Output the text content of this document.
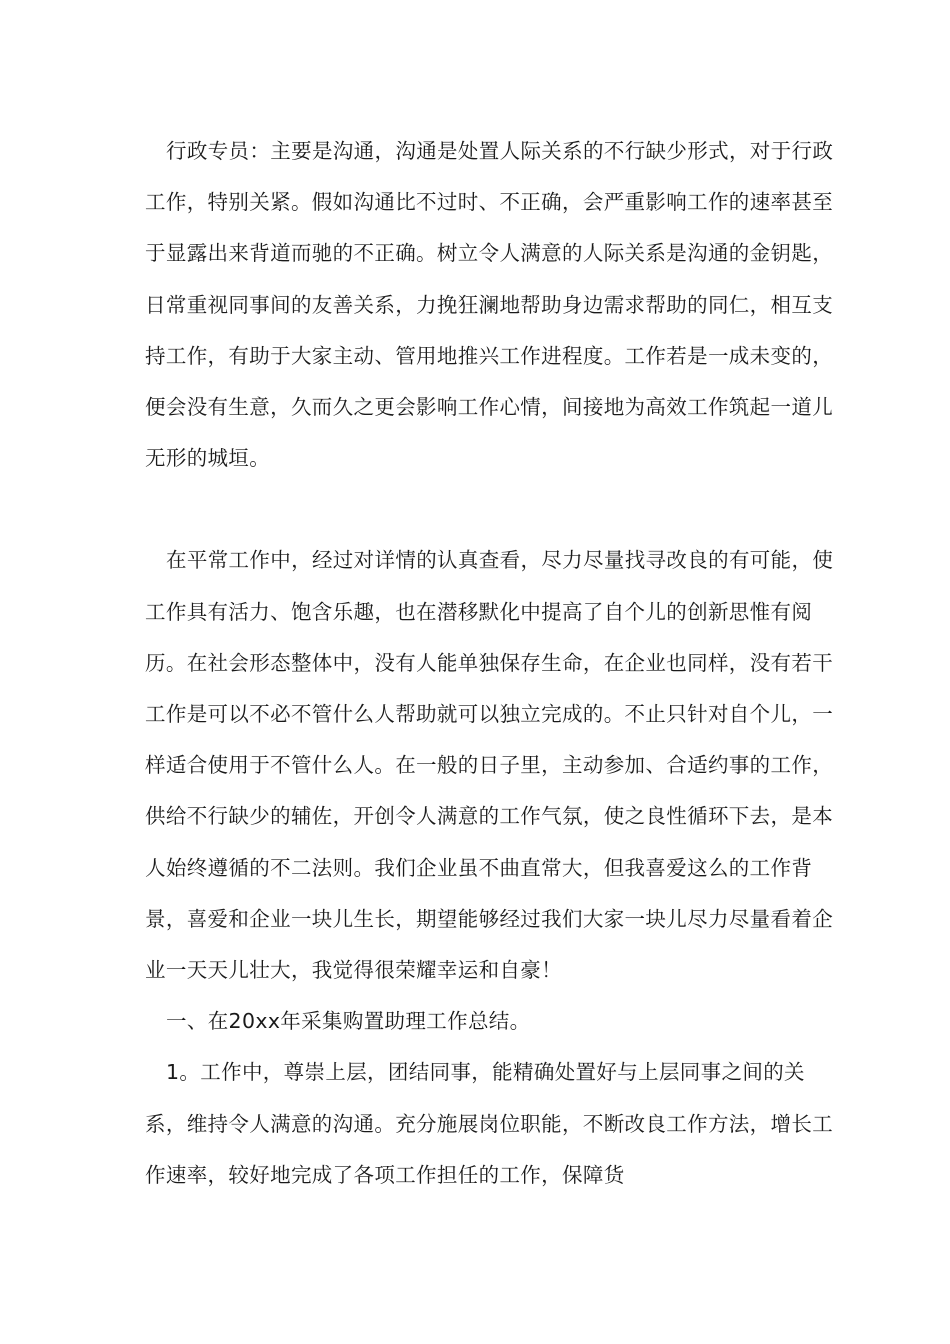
行政专员：主要是沟通，沟通是处置人际关系的不行缺少形式，对于行政工作，特别关紧。假如沟通比不过时、不正确，会严重影响工作的速率甚至于显露出来背道而驰的不正确。树立令人满意的人际关系是沟通的金钥匙，日常重视同事间的友善关系，力挽狂澜地帮助身边需求帮助的同仁，相互支持工作，有助于大家主动、管用地推兴工作进程度。工作若是一成未变的，便会没有生意，久而久之更会影响工作心情，间接地为高效工作筑起一道儿无形的城垣。

在平常工作中，经过对详情的认真查看，尽力尽量找寻改良的有可能，使工作具有活力、饱含乐趣，也在潜移默化中提高了自个儿的创新思惟有阅历。在社会形态整体中，没有人能单独保存生命，在企业也同样，没有若干工作是可以不必不管什么人帮助就可以独立完成的。不止只针对自个儿，一样适合使用于不管什么人。在一般的日子里，主动参加、合适约事的工作，供给不行缺少的辅佐，开创令人满意的工作气氛，使之良性循环下去，是本人始终遵循的不二法则。我们企业虽不曲直常大，但我喜爱这么的工作背景，喜爱和企业一块儿生长，期望能够经过我们大家一块儿尽力尽量看着企业一天天儿壮大，我觉得很荣耀幸运和自豪！

一、在20xx年采集购置助理工作总结。

1。工作中，尊崇上层，团结同事，能精确处置好与上层同事之间的关系，维持令人满意的沟通。充分施展岗位职能，不断改良工作方法，增长工作速率，较好地完成了各项工作担任的工作，保障货
